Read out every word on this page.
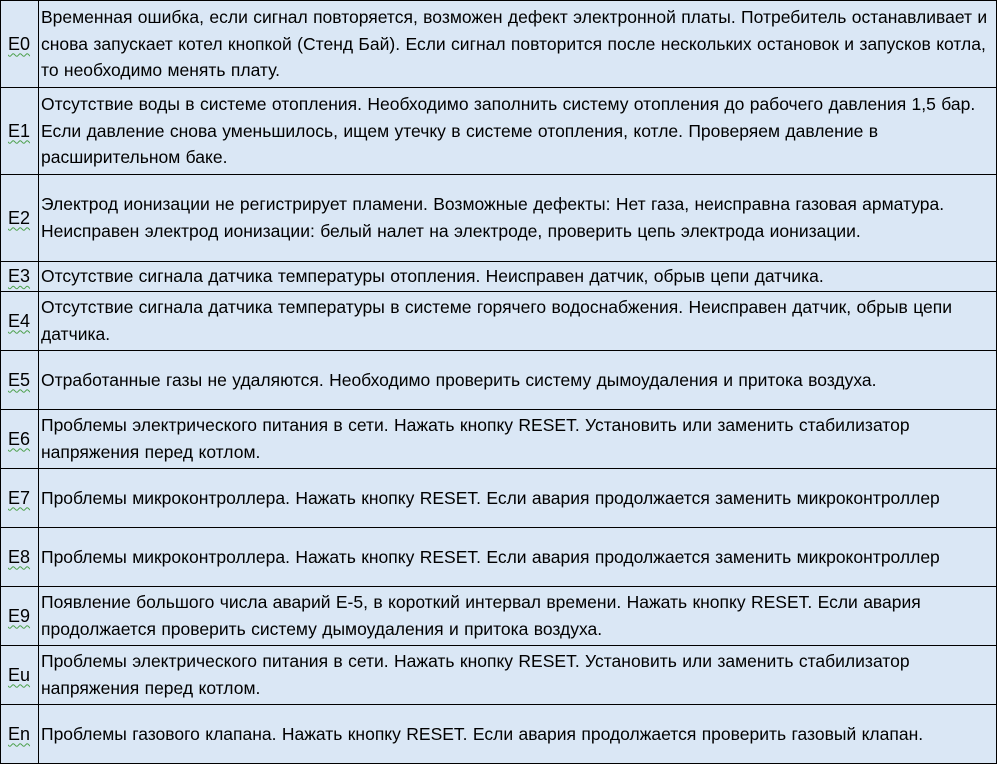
E0	Временная ошибка, если сигнал повторяется, возможен дефект электронной платы. Потребитель останавливает и снова запускает котел кнопкой (Стенд Бай). Если сигнал повторится после нескольких остановок и запусков котла, то необходимо менять плату.
E1	Отсутствие воды в системе отопления. Необходимо заполнить систему отопления до рабочего давления 1,5 бар. Если давление снова уменьшилось, ищем утечку в системе отопления, котле. Проверяем давление в расширительном баке.
E2	Электрод ионизации не регистрирует пламени. Возможные дефекты: Нет газа, неисправна газовая арматура. Неисправен электрод ионизации: белый налет на электроде, проверить цепь электрода ионизации.
E3	Отсутствие сигнала датчика температуры отопления. Неисправен датчик, обрыв цепи датчика.
E4	Отсутствие сигнала датчика температуры в системе горячего водоснабжения. Неисправен датчик, обрыв цепи датчика.
E5	Отработанные газы не удаляются. Необходимо проверить систему дымоудаления и притока воздуха.
E6	Проблемы электрического питания в сети. Нажать кнопку RESET. Установить или заменить стабилизатор напряжения перед котлом.
E7	Проблемы микроконтроллера. Нажать кнопку RESET. Если авария продолжается заменить микроконтроллер
E8	Проблемы микроконтроллера. Нажать кнопку RESET. Если авария продолжается заменить микроконтроллер
E9	Появление большого числа аварий Е-5, в короткий интервал времени. Нажать кнопку RESET. Если авария продолжается проверить систему дымоудаления и притока воздуха.
Eu	Проблемы электрического питания в сети. Нажать кнопку RESET. Установить или заменить стабилизатор напряжения перед котлом.
En	Проблемы газового клапана. Нажать кнопку RESET. Если авария продолжается проверить газовый клапан.
